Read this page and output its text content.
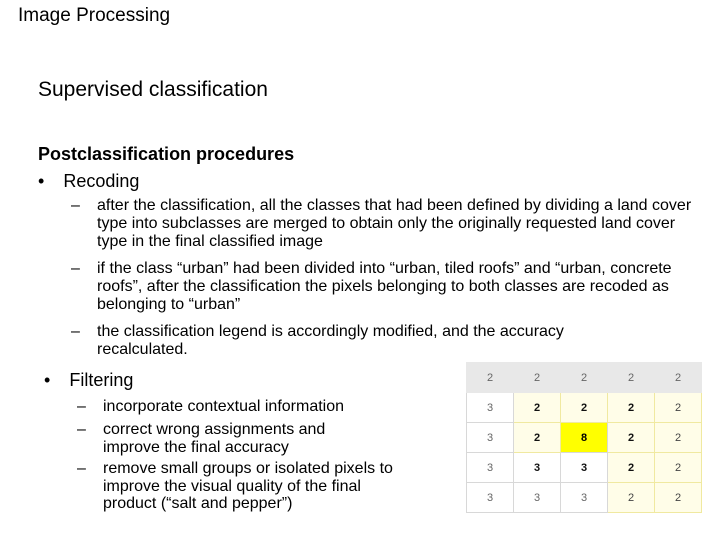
Image Processing
Supervised classification
Postclassification procedures
• Recoding
– after the classification, all the classes that had been defined by dividing a land cover type into subclasses are merged to obtain only the originally requested land cover type in the final classified image
– if the class “urban” had been divided into “urban, tiled roofs” and “urban, concrete roofs”, after the classification the pixels belonging to both classes are recoded as belonging to “urban”
– the classification legend is accordingly modified, and the accuracy recalculated.
• Filtering
– incorporate contextual information
– correct wrong assignments and improve the final accuracy
– remove small groups or isolated pixels to improve the visual quality of the final product (“salt and pepper”)
2	2	2	2	2
3	2	2	2	2
3	2	8	2	2
3	3	3	2	2
3	3	3	2	2
